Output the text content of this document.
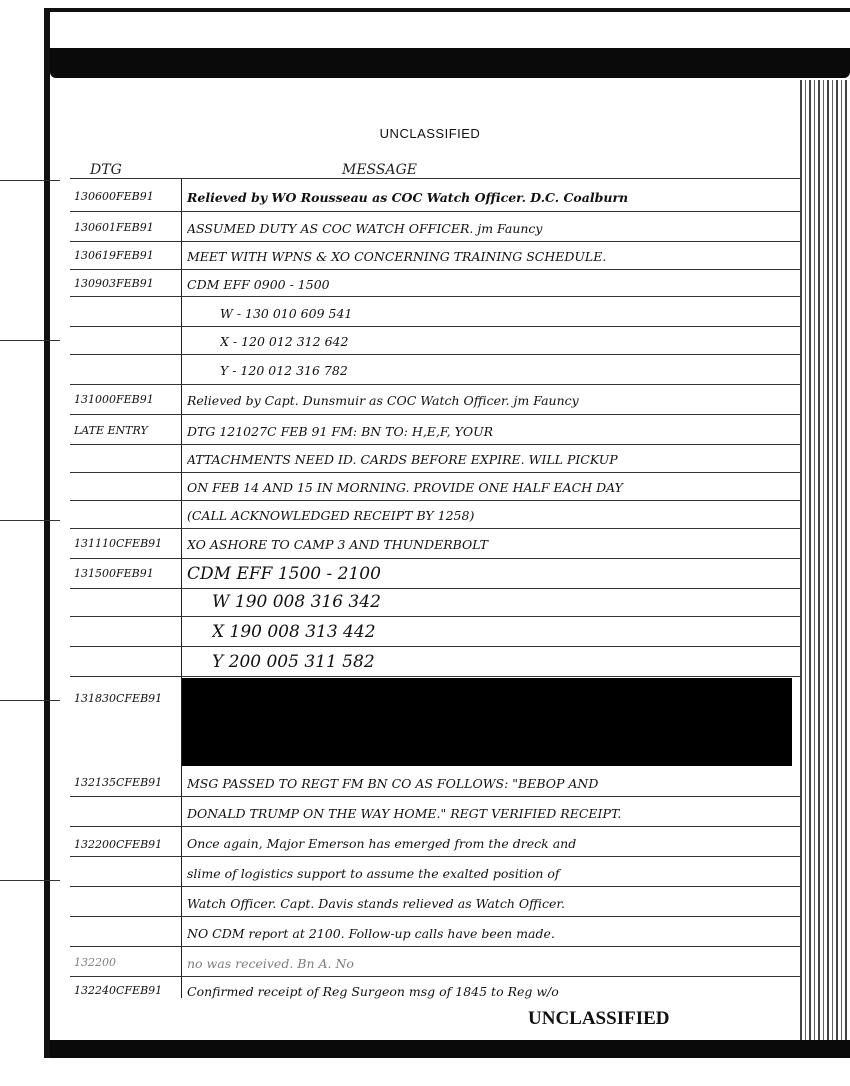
UNCLASSIFIED
DTG	MESSAGE
130600FEB91	Relieved by WO Rousseau as COC Watch Officer. D.C. Coalburn
130601FEB91	ASSUMED DUTY AS COC WATCH OFFICER. jm Fauncy
130619FEB91	MEET WITH WPNS & XO CONCERNING TRAINING SCHEDULE.
130903FEB91	CDM EFF 0900 - 1500
W - 130 010 609 541
X - 120 012 312 642
Y - 120 012 316 782
131000FEB91	Relieved by Capt. Dunsmuir as COC Watch Officer. jm Fauncy
LATE ENTRY	DTG 121027C FEB 91 FM: BN TO: H,E,F, YOUR
ATTACHMENTS NEED ID. CARDS BEFORE EXPIRE. WILL PICKUP
ON FEB 14 AND 15 IN MORNING. PROVIDE ONE HALF EACH DAY
(CALL ACKNOWLEDGED RECEIPT BY 1258)
131110CFEB91	XO ASHORE TO CAMP 3 AND THUNDERBOLT
131500FEB91	CDM EFF 1500 - 2100
W 190 008 316 342
X 190 008 313 442
Y 200 005 311 582
131830CFEB91
132135CFEB91	MSG PASSED TO REGT FM BN CO AS FOLLOWS: "BEBOP AND
DONALD TRUMP ON THE WAY HOME." REGT VERIFIED RECEIPT.
132200CFEB91	Once again, Major Emerson has emerged from the dreck and
slime of logistics support to assume the exalted position of
Watch Officer. Capt. Davis stands relieved as Watch Officer.
NO CDM report at 2100. Follow-up calls have been made.
132200	no was received. Bn A. No
132240CFEB91	Confirmed receipt of Reg Surgeon msg of 1845 to Reg w/o
UNCLASSIFIED
